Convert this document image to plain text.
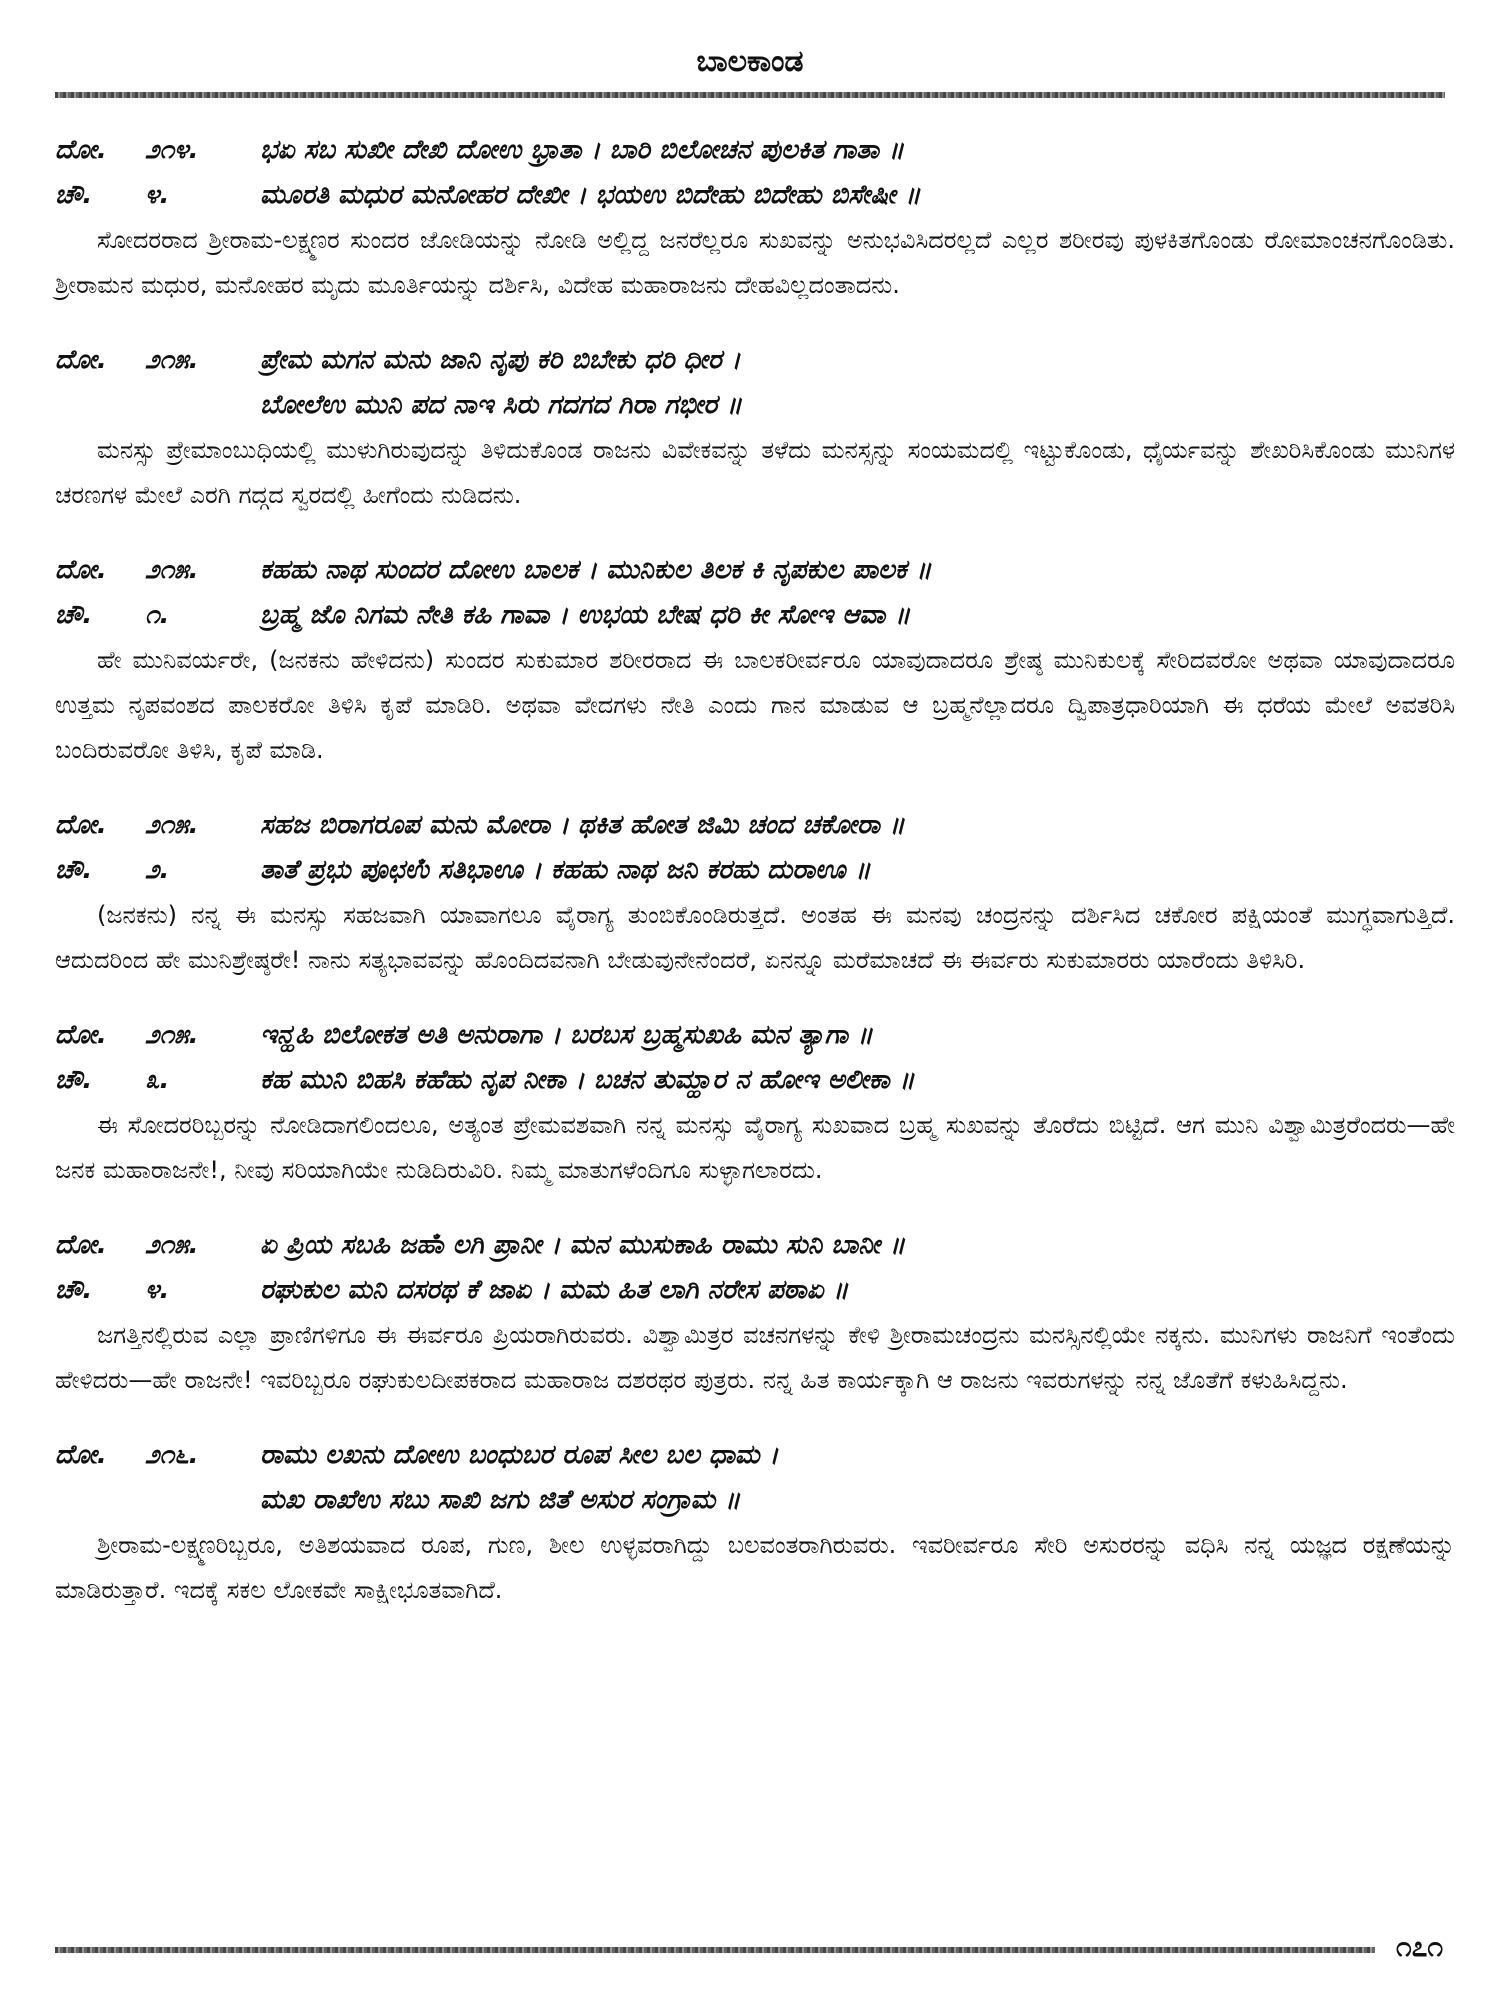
ಬಾಲಕಾಂಡ
ದೋ.	೨೧೪.	ಭಏ ಸಬ ಸುಖೀ ದೇಖಿ ದೋಉ ಭ್ರಾತಾ । ಬಾರಿ ಬಿಲೋಚನ ಪುಲಕಿತ ಗಾತಾ ॥
ಚೌ.	೪.	ಮೂರತಿ ಮಧುರ ಮನೋಹರ ದೇಖೀ । ಭಯಉ ಬಿದೇಹು ಬಿದೇಹು ಬಿಸೇಷೀ ॥

ಸೋದರರಾದ ಶ್ರೀರಾಮ-ಲಕ್ಷ್ಮಣರ ಸುಂದರ ಜೋಡಿಯನ್ನು ನೋಡಿ ಅಲ್ಲಿದ್ದ ಜನರೆಲ್ಲರೂ ಸುಖವನ್ನು ಅನುಭವಿಸಿದರಲ್ಲದೆ ಎಲ್ಲರ ಶರೀರವು ಪುಳಕಿತಗೊಂಡು ರೋಮಾಂಚನಗೊಂಡಿತು. ಶ್ರೀರಾಮನ ಮಧುರ, ಮನೋಹರ ಮೃದು ಮೂರ್ತಿಯನ್ನು ದರ್ಶಿಸಿ, ವಿದೇಹ ಮಹಾರಾಜನು ದೇಹವಿಲ್ಲದಂತಾದನು.

ದೋ.	೨೧೫.	ಪ್ರೇಮ ಮಗನ ಮನು ಜಾನಿ ನೃಪು ಕರಿ ಬಿಬೇಕು ಧರಿ ಧೀರ ।
ಬೋಲೆಉ ಮುನಿ ಪದ ನಾಇ ಸಿರು ಗದಗದ ಗಿರಾ ಗಭೀರ ॥

ಮನಸ್ಸು ಪ್ರೇಮಾಂಬುಧಿಯಲ್ಲಿ ಮುಳುಗಿರುವುದನ್ನು ತಿಳಿದುಕೊಂಡ ರಾಜನು ವಿವೇಕವನ್ನು ತಳೆದು ಮನಸ್ಸನ್ನು ಸಂಯಮದಲ್ಲಿ ಇಟ್ಟುಕೊಂಡು, ಧೈರ್ಯವನ್ನು ಶೇಖರಿಸಿಕೊಂಡು ಮುನಿಗಳ ಚರಣಗಳ ಮೇಲೆ ಎರಗಿ ಗದ್ಗದ ಸ್ವರದಲ್ಲಿ ಹೀಗೆಂದು ನುಡಿದನು.

ದೋ.	೨೧೫.	ಕಹಹು ನಾಥ ಸುಂದರ ದೋಉ ಬಾಲಕ । ಮುನಿಕುಲ ತಿಲಕ ಕಿ ನೃಪಕುಲ ಪಾಲಕ ॥
ಚೌ.	೧.	ಬ್ರಹ್ಮ ಜೊ ನಿಗಮ ನೇತಿ ಕಹಿ ಗಾವಾ । ಉಭಯ ಬೇಷ ಧರಿ ಕೀ ಸೋಇ ಆವಾ ॥

ಹೇ ಮುನಿವರ್ಯರೇ, (ಜನಕನು ಹೇಳಿದನು) ಸುಂದರ ಸುಕುಮಾರ ಶರೀರರಾದ ಈ ಬಾಲಕರೀರ್ವರೂ ಯಾವುದಾದರೂ ಶ್ರೇಷ್ಠ ಮುನಿಕುಲಕ್ಕೆ ಸೇರಿದವರೋ ಅಥವಾ ಯಾವುದಾದರೂ ಉತ್ತಮ ನೃಪವಂಶದ ಪಾಲಕರೋ ತಿಳಿಸಿ ಕೃಪೆ ಮಾಡಿರಿ. ಅಥವಾ ವೇದಗಳು ನೇತಿ ಎಂದು ಗಾನ ಮಾಡುವ ಆ ಬ್ರಹ್ಮನೆಲ್ಲಾದರೂ ದ್ವಿಪಾತ್ರಧಾರಿಯಾಗಿ ಈ ಧರೆಯ ಮೇಲೆ ಅವತರಿಸಿ ಬಂದಿರುವರೋ ತಿಳಿಸಿ, ಕೃಪೆ ಮಾಡಿ.

ದೋ.	೨೧೫.	ಸಹಜ ಬಿರಾಗರೂಪ ಮನು ಮೋರಾ । ಥಕಿತ ಹೋತ ಜಿಮಿ ಚಂದ ಚಕೋರಾ ॥
ಚೌ.	೨.	ತಾತೆ ಪ್ರಭು ಪೂಛಉಁ ಸತಿಭಾಊ । ಕಹಹು ನಾಥ ಜನಿ ಕರಹು ದುರಾಊ ॥

(ಜನಕನು) ನನ್ನ ಈ ಮನಸ್ಸು ಸಹಜವಾಗಿ ಯಾವಾಗಲೂ ವೈರಾಗ್ಯ ತುಂಬಿಕೊಂಡಿರುತ್ತದೆ. ಅಂತಹ ಈ ಮನವು ಚಂದ್ರನನ್ನು ದರ್ಶಿಸಿದ ಚಕೋರ ಪಕ್ಷಿಯಂತೆ ಮುಗ್ಧವಾಗುತ್ತಿದೆ. ಆದುದರಿಂದ ಹೇ ಮುನಿಶ್ರೇಷ್ಠರೇ! ನಾನು ಸತ್ಯಭಾವವನ್ನು ಹೊಂದಿದವನಾಗಿ ಬೇಡುವುನೇನೆಂದರೆ, ಏನನ್ನೂ ಮರೆಮಾಚದೆ ಈ ಈರ್ವರು ಸುಕುಮಾರರು ಯಾರೆಂದು ತಿಳಿಸಿರಿ.

ದೋ.	೨೧೫.	ಇನ್ಹಹಿ ಬಿಲೋಕತ ಅತಿ ಅನುರಾಗಾ । ಬರಬಸ ಬ್ರಹ್ಮಸುಖಹಿ ಮನ ತ್ಯಾಗಾ ॥
ಚೌ.	೩.	ಕಹ ಮುನಿ ಬಿಹಸಿ ಕಹೆಹು ನೃಪ ನೀಕಾ । ಬಚನ ತುಮ್ಹಾರ ನ ಹೋಇ ಅಲೀಕಾ ॥

ಈ ಸೋದರರಿಬ್ಬರನ್ನು ನೋಡಿದಾಗಲಿಂದಲೂ, ಅತ್ಯಂತ ಪ್ರೇಮವಶವಾಗಿ ನನ್ನ ಮನಸ್ಸು ವೈರಾಗ್ಯ ಸುಖವಾದ ಬ್ರಹ್ಮ ಸುಖವನ್ನು ತೊರೆದು ಬಿಟ್ಟಿದೆ. ಆಗ ಮುನಿ ವಿಶ್ವಾಮಿತ್ರರೆಂದರು—ಹೇ ಜನಕ ಮಹಾರಾಜನೇ!, ನೀವು ಸರಿಯಾಗಿಯೇ ನುಡಿದಿರುವಿರಿ. ನಿಮ್ಮ ಮಾತುಗಳೆಂದಿಗೂ ಸುಳ್ಳಾಗಲಾರದು.

ದೋ.	೨೧೫.	ಏ ಪ್ರಿಯ ಸಬಹಿ ಜಹಾಁ ಲಗಿ ಪ್ರಾನೀ । ಮನ ಮುಸುಕಾಹಿ ರಾಮು ಸುನಿ ಬಾನೀ ॥
ಚೌ.	೪.	ರಘುಕುಲ ಮನಿ ದಸರಥ ಕೆ ಜಾಏ । ಮಮ ಹಿತ ಲಾಗಿ ನರೇಸ ಪಠಾಏ ॥

ಜಗತ್ತಿನಲ್ಲಿರುವ ಎಲ್ಲಾ ಪ್ರಾಣಿಗಳಿಗೂ ಈ ಈರ್ವರೂ ಪ್ರಿಯರಾಗಿರುವರು. ವಿಶ್ವಾಮಿತ್ರರ ವಚನಗಳನ್ನು ಕೇಳಿ ಶ್ರೀರಾಮಚಂದ್ರನು ಮನಸ್ಸಿನಲ್ಲಿಯೇ ನಕ್ಕನು. ಮುನಿಗಳು ರಾಜನಿಗೆ ಇಂತೆಂದು ಹೇಳಿದರು—ಹೇ ರಾಜನೇ! ಇವರಿಬ್ಬರೂ ರಘುಕುಲದೀಪಕರಾದ ಮಹಾರಾಜ ದಶರಥರ ಪುತ್ರರು. ನನ್ನ ಹಿತ ಕಾರ್ಯಕ್ಕಾಗಿ ಆ ರಾಜನು ಇವರುಗಳನ್ನು ನನ್ನ ಜೊತೆಗೆ ಕಳುಹಿಸಿದ್ದನು.

ದೋ.	೨೧೬.	ರಾಮು ಲಖನು ದೋಉ ಬಂಧುಬರ ರೂಪ ಸೀಲ ಬಲ ಧಾಮ ।
ಮಖ ರಾಖೆಉ ಸಬು ಸಾಖಿ ಜಗು ಜಿತೆ ಅಸುರ ಸಂಗ್ರಾಮ ॥

ಶ್ರೀರಾಮ-ಲಕ್ಷ್ಮಣರಿಬ್ಬರೂ, ಅತಿಶಯವಾದ ರೂಪ, ಗುಣ, ಶೀಲ ಉಳ್ಳವರಾಗಿದ್ದು ಬಲವಂತರಾಗಿರುವರು. ಇವರೀರ್ವರೂ ಸೇರಿ ಅಸುರರನ್ನು ವಧಿಸಿ ನನ್ನ ಯಜ್ಞದ ರಕ್ಷಣೆಯನ್ನು ಮಾಡಿರುತ್ತಾರೆ. ಇದಕ್ಕೆ ಸಕಲ ಲೋಕವೇ ಸಾಕ್ಷೀಭೂತವಾಗಿದೆ.

೧೭೧
